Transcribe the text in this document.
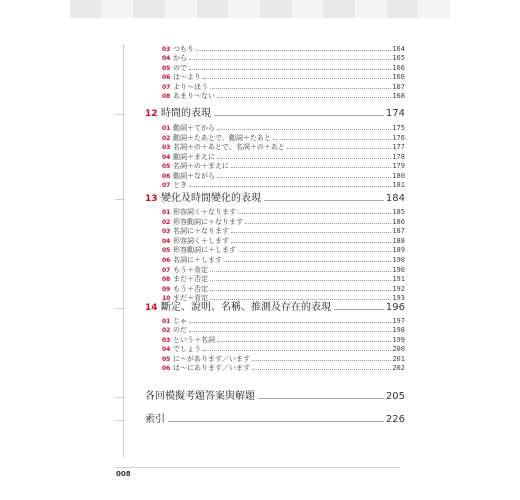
03 つもり	164
04 から	165
05 ので	166
06 は～より	166
07 より～ほう	167
08 あまり～ない	168
12 時間的表現	174
01 動詞＋てから	175
02 動詞＋たあとで、動詞＋たあと	176
03 名詞＋の＋あとで、名詞＋の＋あと	177
04 動詞＋まえに	178
05 名詞＋の＋まえに	179
06 動詞＋ながら	180
07 とき	181
13 變化及時間變化的表現	184
01 形容詞く＋なります	185
02 形容動詞に＋なります	186
03 名詞に＋なります	187
04 形容詞く＋します	188
05 形容動詞に＋します	189
06 名詞に＋します	190
07 もう＋肯定	190
08 まだ＋否定	191
09 もう＋否定	192
10 まだ＋肯定	193
14 斷定、說明、名稱、推測及存在的表現	196
01 じゃ	197
02 のだ	198
03 という＋名詞	199
04 でしょう	200
05 に～があります／います	201
06 は～にあります／います	202
各回模擬考題答案與解題	205
索引	226
008
